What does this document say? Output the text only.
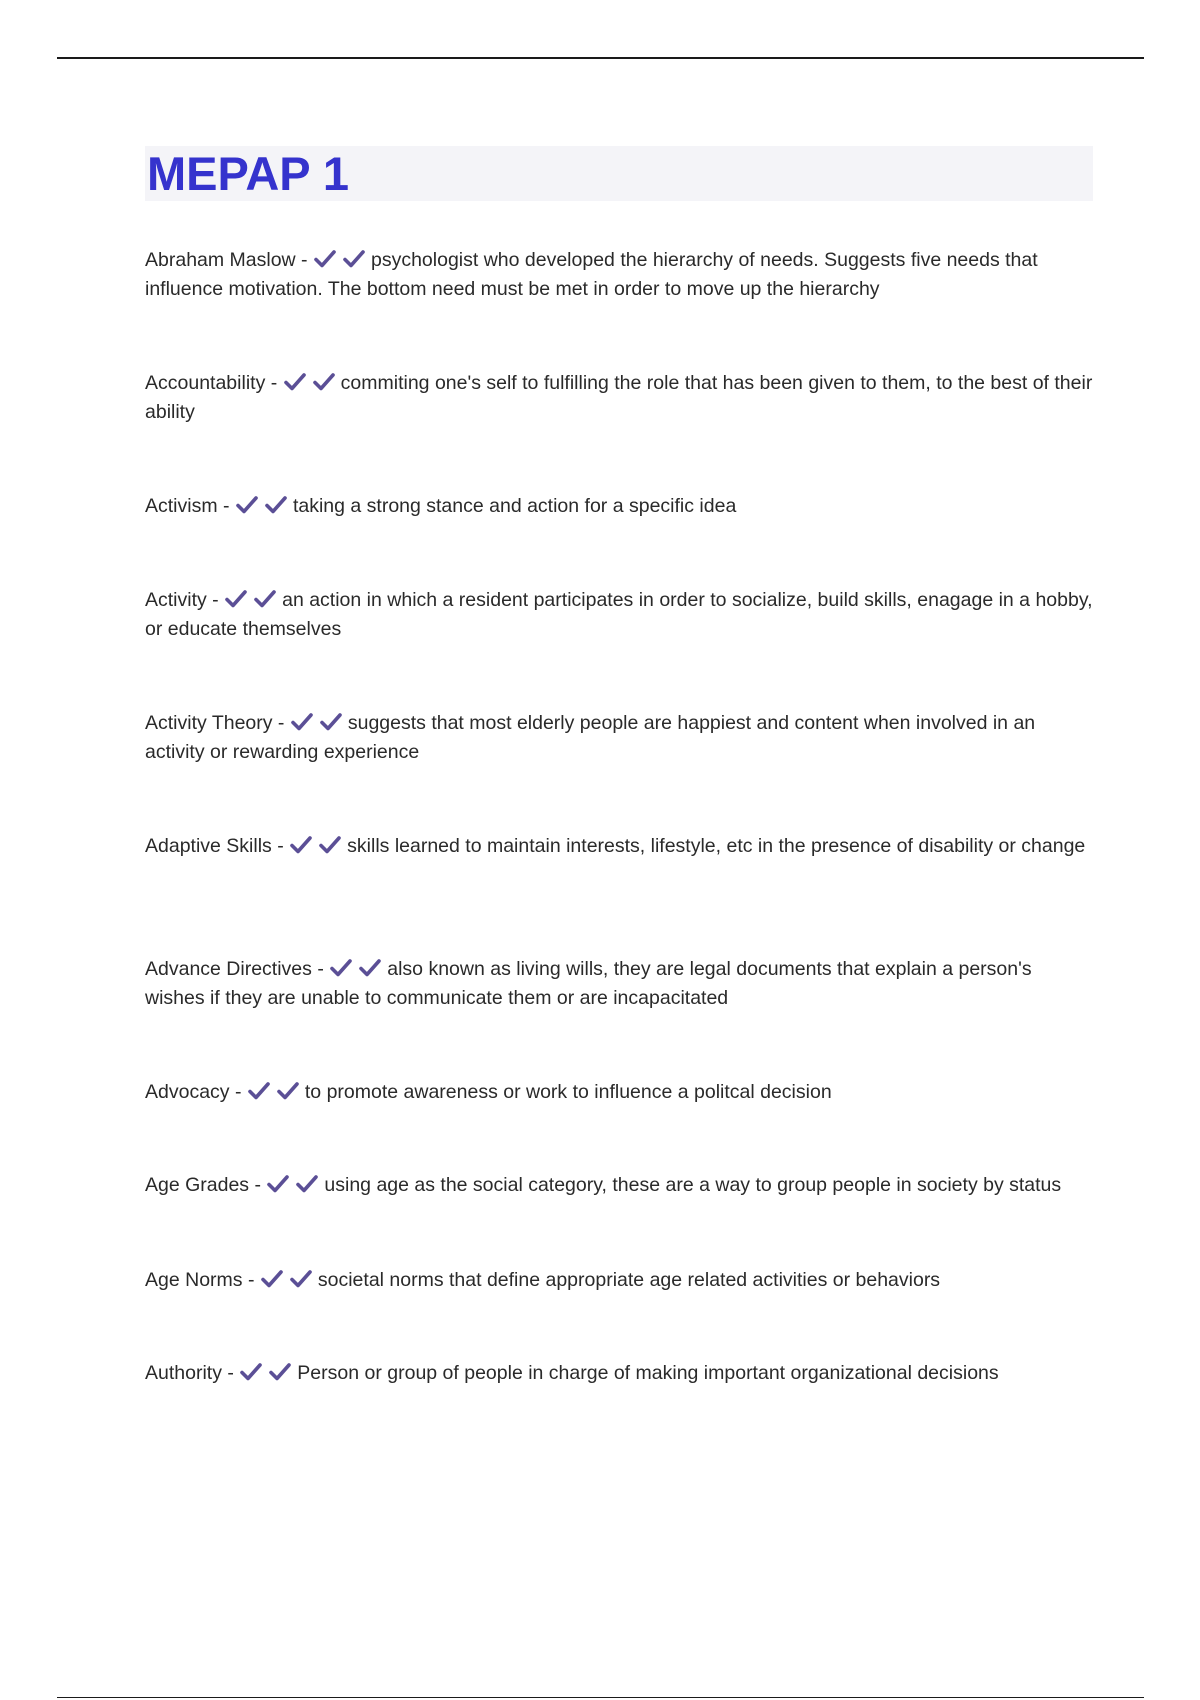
MEPAP 1
Abraham Maslow -	psychologist who developed the hierarchy of needs. Suggests five needs that influence motivation. The bottom need must be met in order to move up the hierarchy
Accountability -	commiting one's self to fulfilling the role that has been given to them, to the best of their ability
Activism -	taking a strong stance and action for a specific idea
Activity -	an action in which a resident participates in order to socialize, build skills, enagage in a hobby, or educate themselves
Activity Theory -	suggests that most elderly people are happiest and content when involved in an activity or rewarding experience
Adaptive Skills -	skills learned to maintain interests, lifestyle, etc in the presence of disability or change
Advance Directives -	also known as living wills, they are legal documents that explain a person's wishes if they are unable to communicate them or are incapacitated
Advocacy -	to promote awareness or work to influence a politcal decision
Age Grades -	using age as the social category, these are a way to group people in society by status
Age Norms -	societal norms that define appropriate age related activities or behaviors
Authority -	Person or group of people in charge of making important organizational decisions
